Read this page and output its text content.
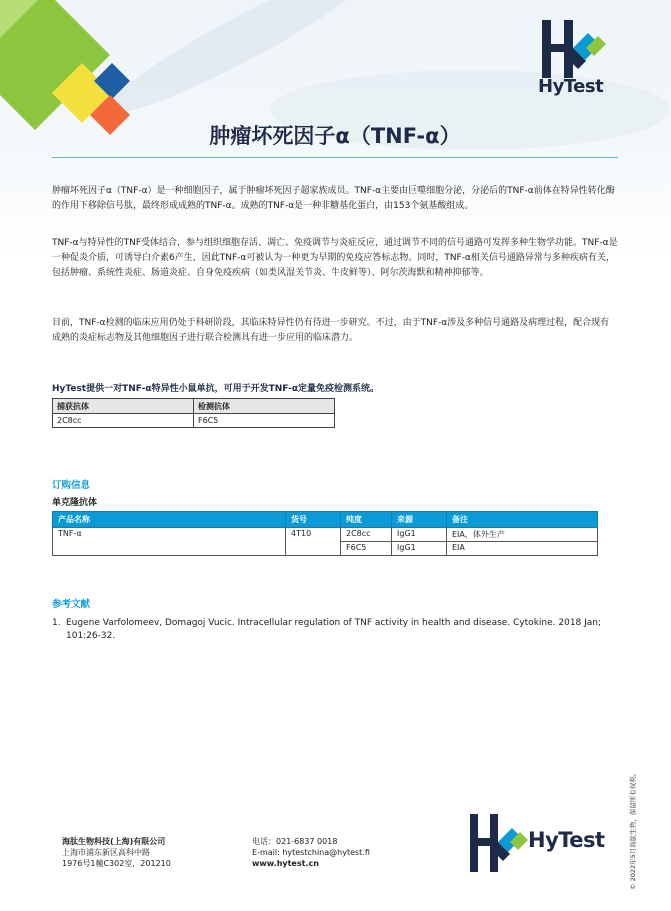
HyTest
肿瘤坏死因子α（TNF-α）

肿瘤坏死因子α（TNF-α）是一种细胞因子，属于肿瘤坏死因子超家族成员。TNF-α主要由巨噬细胞分泌，分泌后的TNF-α前体在特异性转化酶的作用下移除信号肽，最终形成成熟的TNF-α。成熟的TNF-α是一种非糖基化蛋白，由153个氨基酸组成。

TNF-α与特异性的TNF受体结合，参与组织细胞存活、凋亡、免疫调节与炎症反应，通过调节不同的信号通路可发挥多种生物学功能。TNF-α是一种促炎介质，可诱导白介素6产生，因此TNF-α可被认为一种更为早期的免疫应答标志物。同时，TNF-α相关信号通路异常与多种疾病有关，包括肿瘤、系统性炎症、肠道炎症、自身免疫疾病（如类风湿关节炎、牛皮鲜等）、阿尔茨海默和精神抑郁等。

目前，TNF-α检测的临床应用仍处于科研阶段，其临床特异性仍有待进一步研究。不过，由于TNF-α涉及多种信号通路及病理过程，配合现有成熟的炎症标志物及其他细胞因子进行联合检测具有进一步应用的临床潜力。

HyTest提供一对TNF-α特异性小鼠单抗，可用于开发TNF-α定量免疫检测系统。
捕获抗体	检测抗体
2C8cc	F6C5
订购信息
单克隆抗体
产品名称	货号	纯度	来源	备注
TNF-α	4T10	2C8cc	IgG1	EIA，体外生产
		F6C5	IgG1	EIA
参考文献
1. Eugene Varfolomeev, Domagoj Vucic. Intracellular regulation of TNF activity in health and disease. Cytokine. 2018 Jan; 101:26-32.
© 2022年5月海肽生物，保留所有权利。
海肽生物科技(上海)有限公司
上海市浦东新区高科中路
1976号1幢C302室，201210
电话：021-6837 0018
E-mail: hytestchina@hytest.fi
www.hytest.cn
HyTest
